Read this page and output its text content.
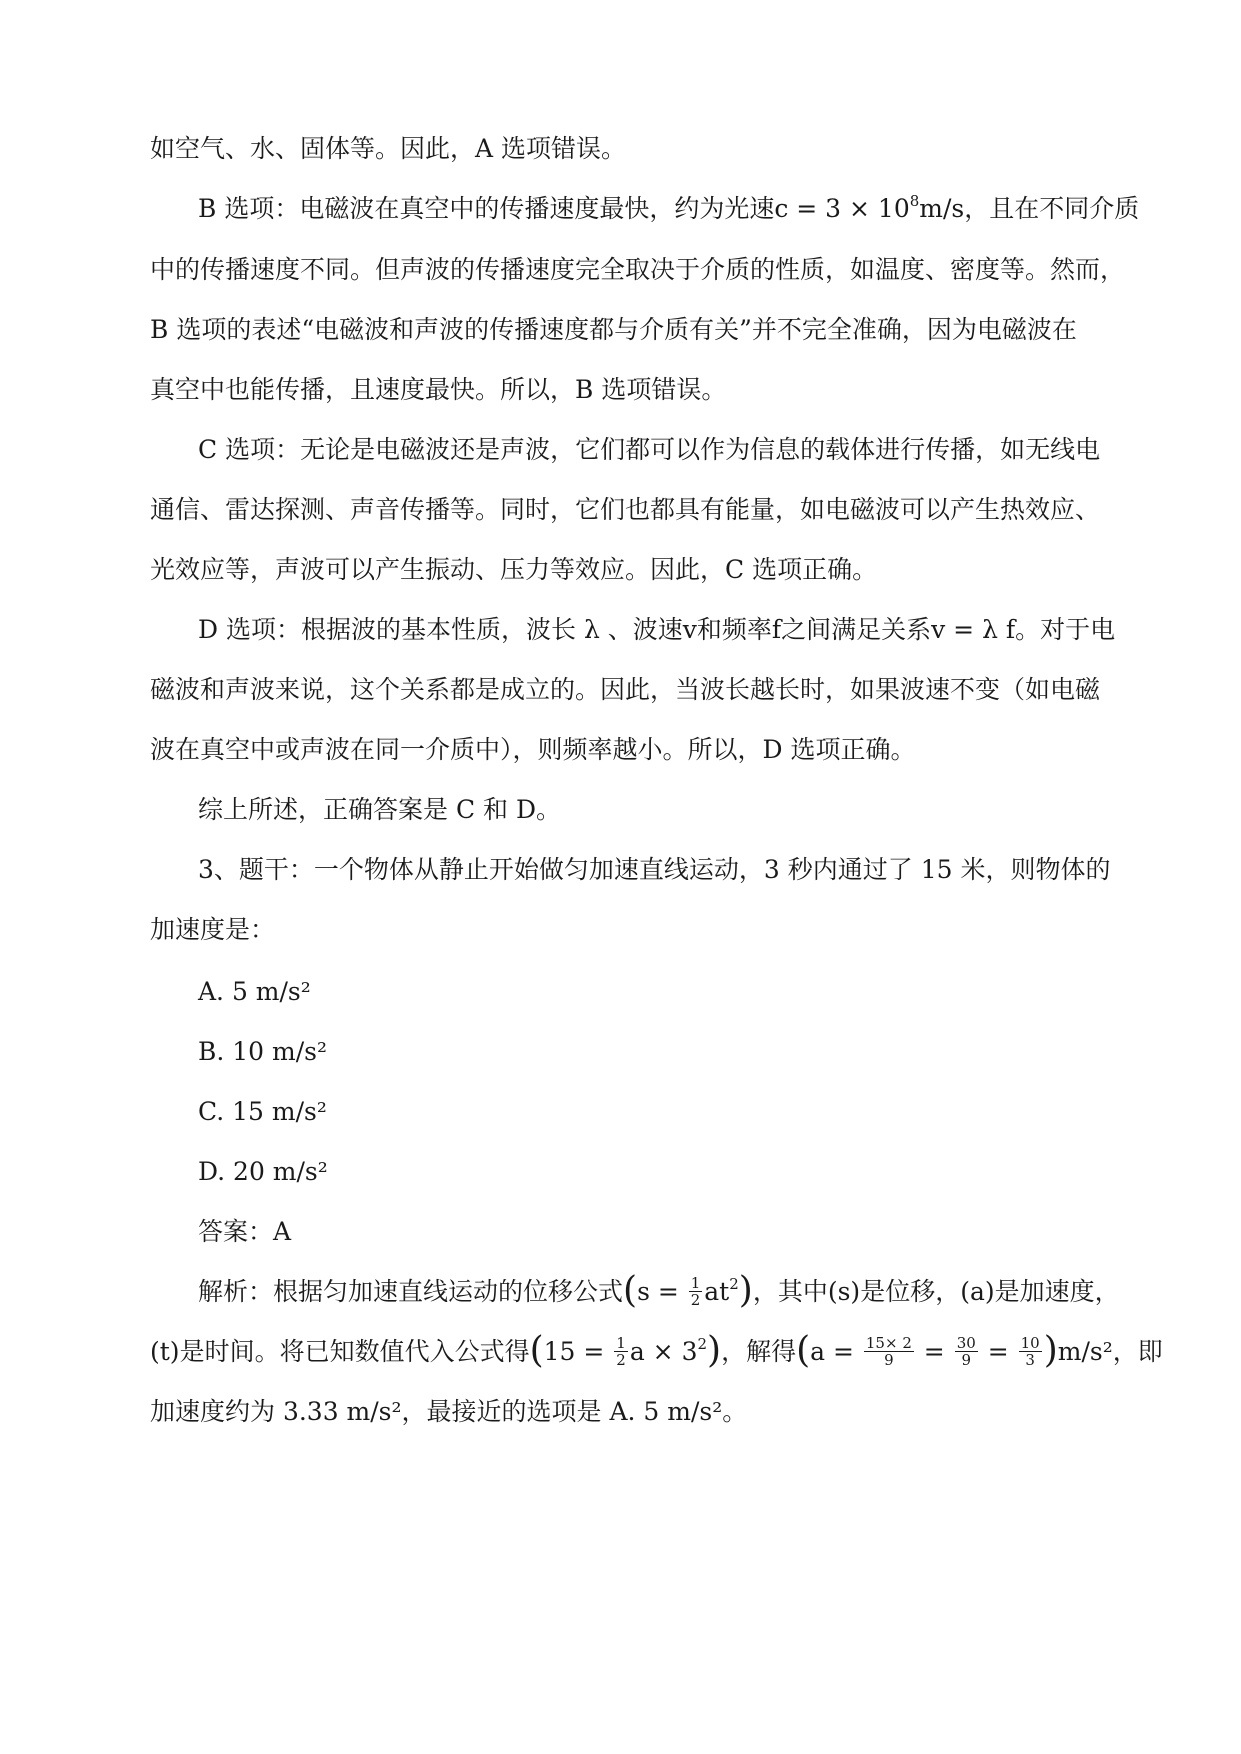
如空气、水、固体等。因此，A 选项错误。
B 选项：电磁波在真空中的传播速度最快，约为光速$c = 3 \times 10^8m/s$，且在不同介质
中的传播速度不同。但声波的传播速度完全取决于介质的性质，如温度、密度等。然而，
B 选项的表述“电磁波和声波的传播速度都与介质有关”并不完全准确，因为电磁波在
真空中也能传播，且速度最快。所以，B 选项错误。
C 选项：无论是电磁波还是声波，它们都可以作为信息的载体进行传播，如无线电
通信、雷达探测、声音传播等。同时，它们也都具有能量，如电磁波可以产生热效应、
光效应等，声波可以产生振动、压力等效应。因此，C 选项正确。
D 选项：根据波的基本性质，波长 λ 、波速v和频率f之间满足关系v = λ f。对于电
磁波和声波来说，这个关系都是成立的。因此，当波长越长时，如果波速不变（如电磁
波在真空中或声波在同一介质中），则频率越小。所以，D 选项正确。
综上所述，正确答案是 C 和 D。
3、题干：一个物体从静止开始做匀加速直线运动，3 秒内通过了 15 米，则物体的
加速度是：
A. 5 m/s²
B. 10 m/s²
C. 15 m/s²
D. 20 m/s²
答案：A
解析：根据匀加速直线运动的位移公式$(s = \frac{1}{2} at^2)$，其中(s)是位移，(a)是加速度，
(t)是时间。将已知数值代入公式得($15 = \frac{1}{2}$ $a \times 3^2$)，解得$(a = \frac{15\times 2}{9} = \frac{30}{9} = \frac{10}{3} )m/s^2$，即
加速度约为 3.33 m/s²，最接近的选项是 A. 5 m/s²。
